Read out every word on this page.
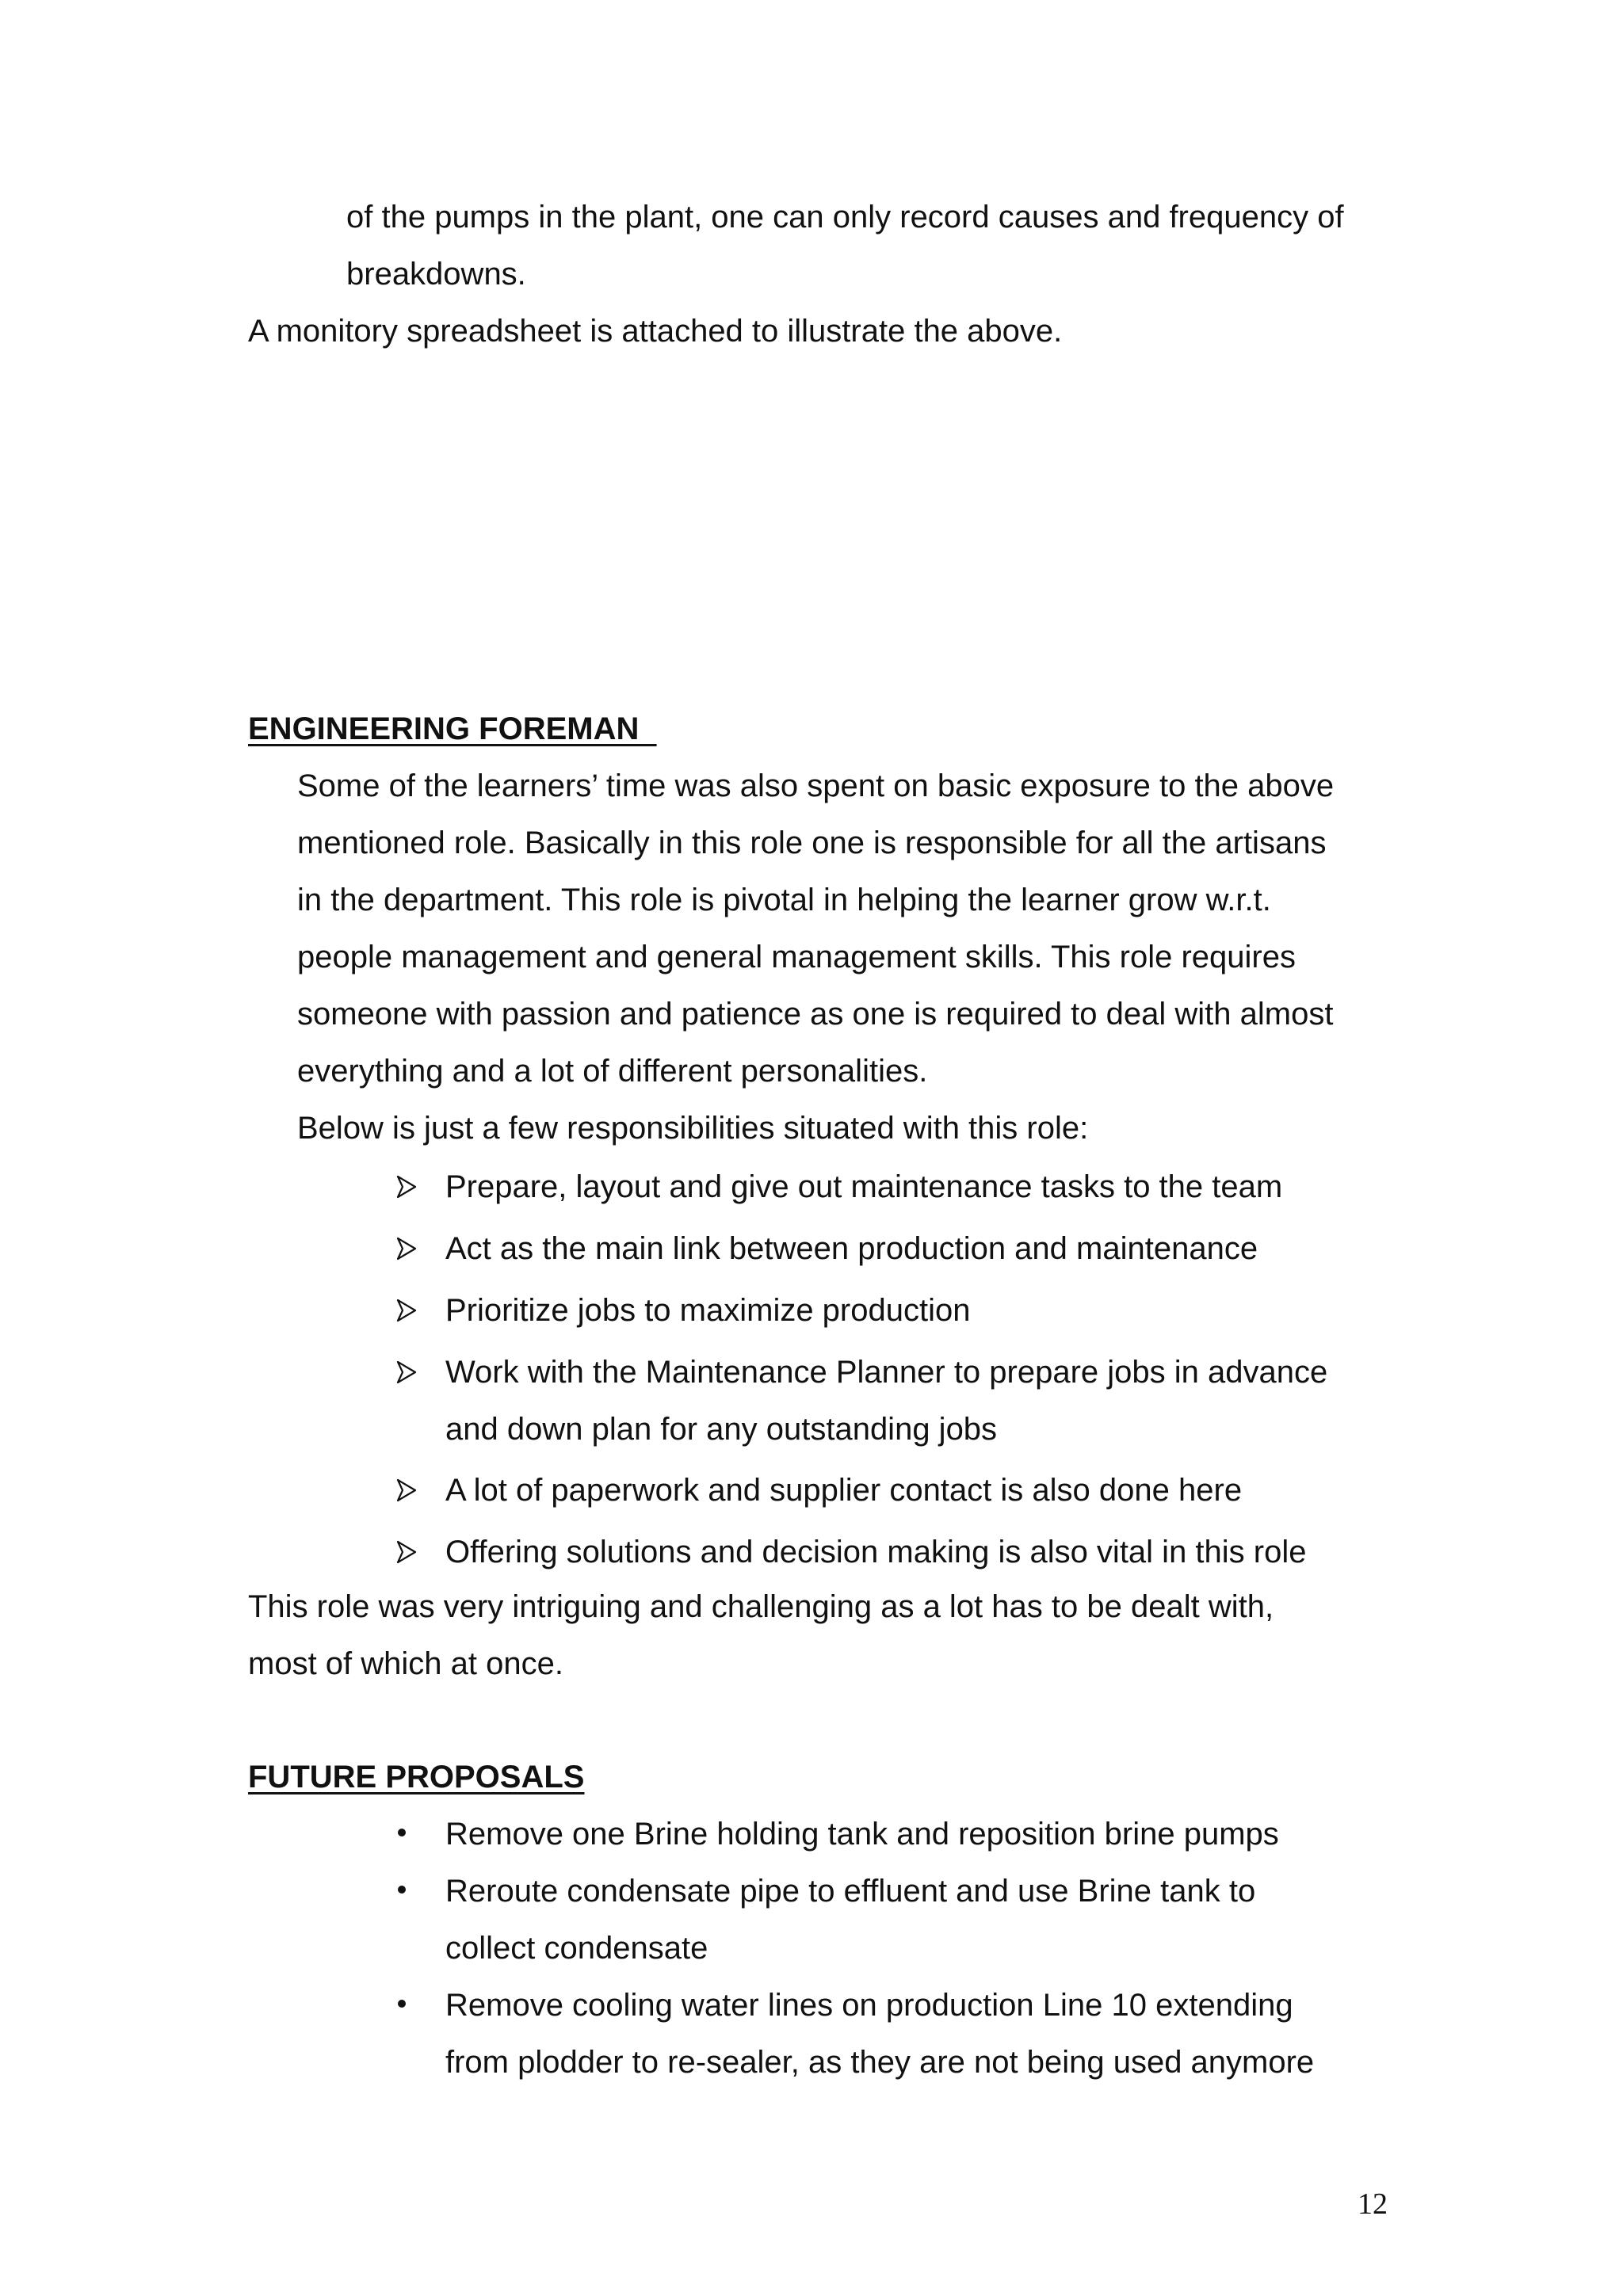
of the pumps in the plant, one can only record causes and frequency of

breakdowns.

A monitory spreadsheet is attached to illustrate the above.

ENGINEERING FOREMAN

Some of the learners’ time was also spent on basic exposure to the above

mentioned role. Basically in this role one is responsible for all the artisans

in the department. This role is pivotal in helping the learner grow w.r.t.

people management and general management skills. This role requires

someone with passion and patience as one is required to deal with almost

everything and a lot of different personalities.

Below is just a few responsibilities situated with this role:

Prepare, layout and give out maintenance tasks to the team

Act as the main link between production and maintenance

Prioritize jobs to maximize production

Work with the Maintenance Planner to prepare jobs in advance

and down plan for any outstanding jobs

A lot of paperwork and supplier contact is also done here

Offering solutions and decision making is also vital in this role

This role was very intriguing and challenging as a lot has to be dealt with,

most of which at once.

FUTURE PROPOSALS

Remove one Brine holding tank and reposition brine pumps

Reroute condensate pipe to effluent and use Brine tank to

collect condensate

Remove cooling water lines on production Line 10 extending

from plodder to re-sealer, as they are not being used anymore

12
